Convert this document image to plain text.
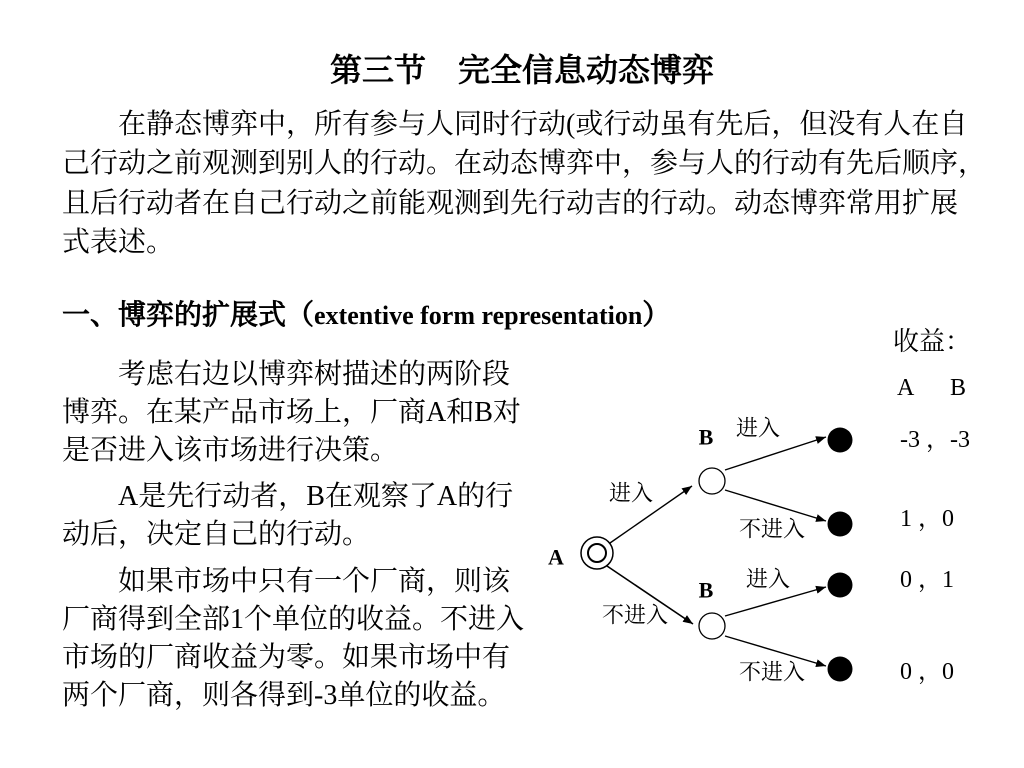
第三节　完全信息动态博弈
在静态博弈中，所有参与人同时行动(或行动虽有先后，但没有人在自
己行动之前观测到别人的行动。在动态博弈中，参与人的行动有先后顺序，
且后行动者在自己行动之前能观测到先行动吉的行动。动态博弈常用扩展
式表述。
一、博弈的扩展式（extentive form representation）
考虑右边以博弈树描述的两阶段
博弈。在某产品市场上，厂商A和B对
是否进入该市场进行决策。
A是先行动者，B在观察了A的行
动后，决定自己的行动。
如果市场中只有一个厂商，则该
厂商得到全部1个单位的收益。不进入
市场的厂商收益为零。如果市场中有
两个厂商，则各得到-3单位的收益。
收益：
A B
-3 ，-3
1 ，0
0 ，1
0 ，0
A
B
B
进入
不进入
进入
不进入
进入
不进入
